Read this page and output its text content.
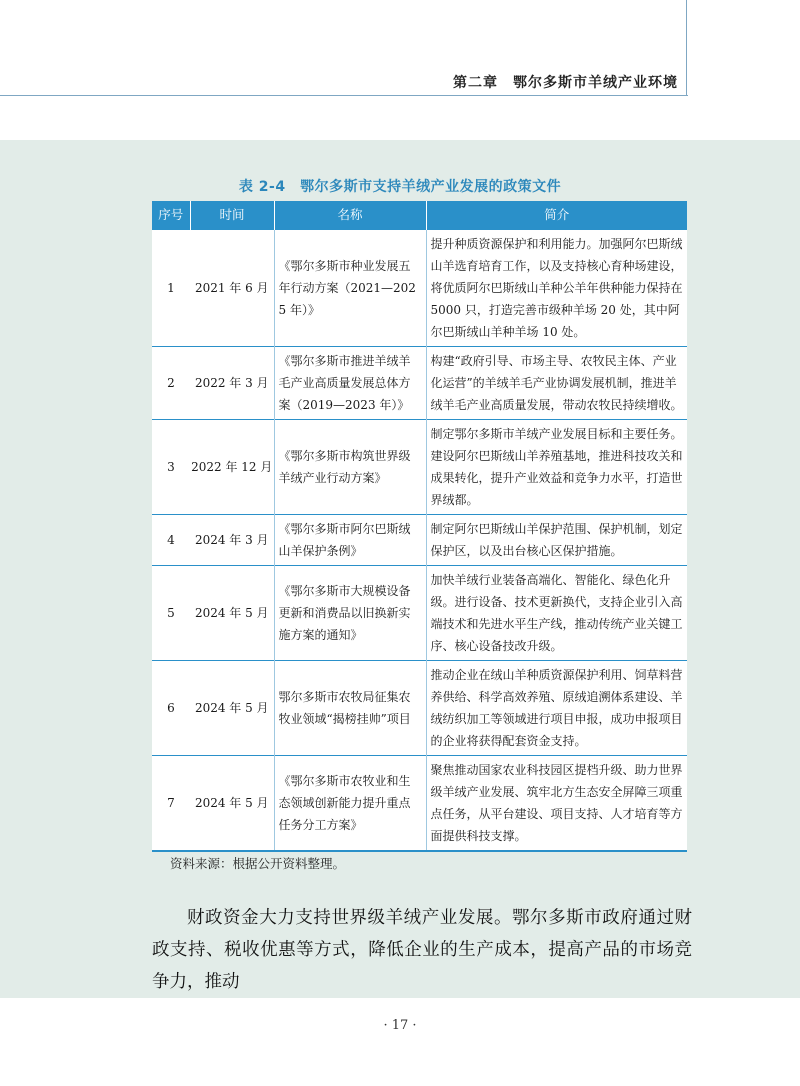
第二章　鄂尔多斯市羊绒产业环境
表 2-4　鄂尔多斯市支持羊绒产业发展的政策文件
序号	时间	名称	简介
1	2021 年 6 月	《鄂尔多斯市种业发展五年行动方案（2021—2025 年）》	提升种质资源保护和利用能力。加强阿尔巴斯绒山羊选育培育工作，以及支持核心育种场建设，将优质阿尔巴斯绒山羊种公羊年供种能力保持在 5000 只，打造完善市级种羊场 20 处，其中阿尔巴斯绒山羊种羊场 10 处。
2	2022 年 3 月	《鄂尔多斯市推进羊绒羊毛产业高质量发展总体方案（2019—2023 年）》	构建“政府引导、市场主导、农牧民主体、产业化运营”的羊绒羊毛产业协调发展机制，推进羊绒羊毛产业高质量发展，带动农牧民持续增收。
3	2022 年 12 月	《鄂尔多斯市构筑世界级羊绒产业行动方案》	制定鄂尔多斯市羊绒产业发展目标和主要任务。建设阿尔巴斯绒山羊养殖基地，推进科技攻关和成果转化，提升产业效益和竞争力水平，打造世界绒都。
4	2024 年 3 月	《鄂尔多斯市阿尔巴斯绒山羊保护条例》	制定阿尔巴斯绒山羊保护范围、保护机制，划定保护区，以及出台核心区保护措施。
5	2024 年 5 月	《鄂尔多斯市大规模设备更新和消费品以旧换新实施方案的通知》	加快羊绒行业装备高端化、智能化、绿色化升级。进行设备、技术更新换代，支持企业引入高端技术和先进水平生产线，推动传统产业关键工序、核心设备技改升级。
6	2024 年 5 月	鄂尔多斯市农牧局征集农牧业领域“揭榜挂帅”项目	推动企业在绒山羊种质资源保护利用、饲草料营养供给、科学高效养殖、原绒追溯体系建设、羊绒纺织加工等领域进行项目申报，成功申报项目的企业将获得配套资金支持。
7	2024 年 5 月	《鄂尔多斯市农牧业和生态领域创新能力提升重点任务分工方案》	聚焦推动国家农业科技园区提档升级、助力世界级羊绒产业发展、筑牢北方生态安全屏障三项重点任务，从平台建设、项目支持、人才培育等方面提供科技支撑。
资料来源：根据公开资料整理。
财政资金大力支持世界级羊绒产业发展。鄂尔多斯市政府通过财政支持、税收优惠等方式，降低企业的生产成本，提高产品的市场竞争力，推动
· 17 ·
